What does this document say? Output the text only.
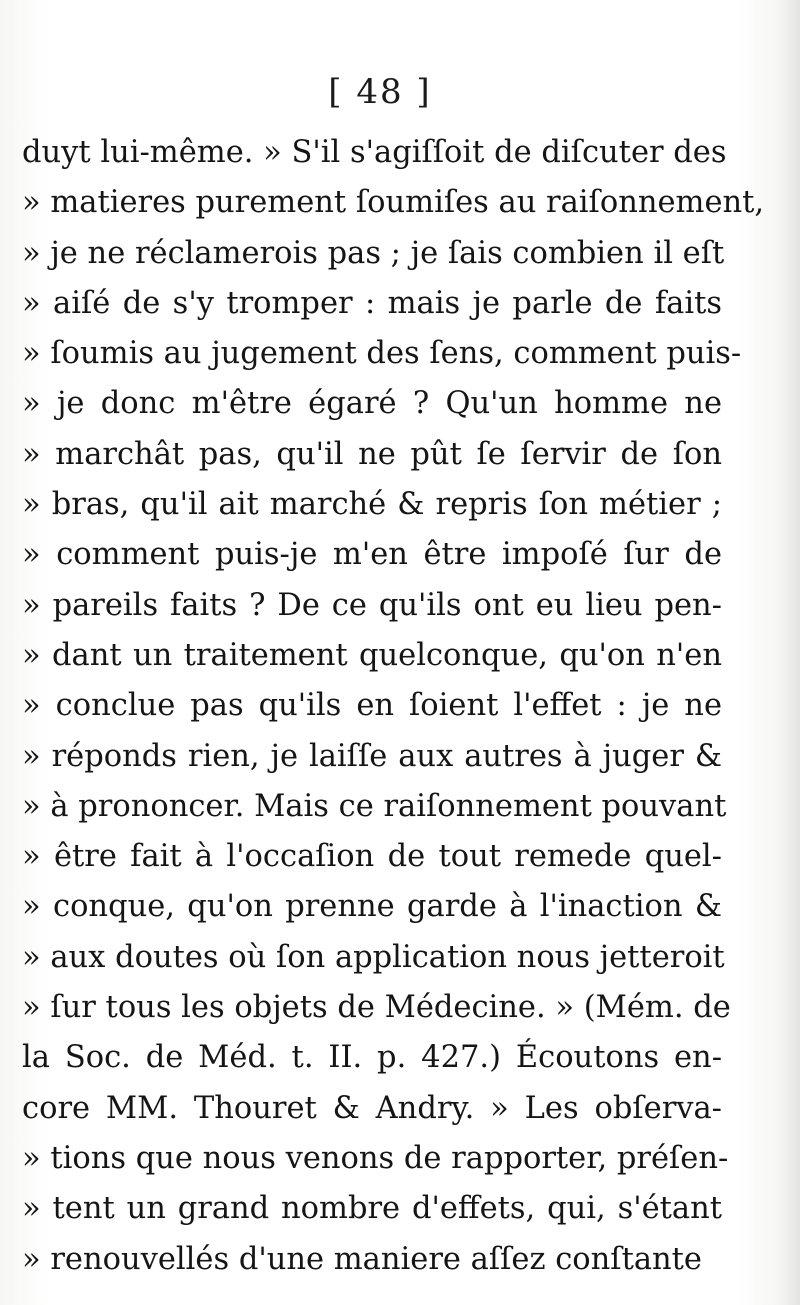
[ 48 ]
duyt lui-même. » S'il s'agiſſoit de diſcuter des
» matieres purement ſoumiſes au raiſonnement,
» je ne réclamerois pas ; je ſais combien il eſt
» aiſé de s'y tromper : mais je parle de faits
» ſoumis au jugement des ſens, comment puis-
» je donc m'être égaré ? Qu'un homme ne
» marchât pas, qu'il ne pût ſe ſervir de ſon
» bras, qu'il ait marché & repris ſon métier ;
» comment puis-je m'en être impoſé ſur de
» pareils faits ? De ce qu'ils ont eu lieu pen-
» dant un traitement quelconque, qu'on n'en
» conclue pas qu'ils en ſoient l'effet : je ne
» réponds rien, je laiſſe aux autres à juger &
» à prononcer. Mais ce raiſonnement pouvant
» être fait à l'occaſion de tout remede quel-
» conque, qu'on prenne garde à l'inaction &
» aux doutes où ſon application nous jetteroit
» ſur tous les objets de Médecine. » (Mém. de
la Soc. de Méd. t. II. p. 427.) Écoutons en-
core MM. Thouret & Andry. » Les obſerva-
» tions que nous venons de rapporter, préſen-
» tent un grand nombre d'effets, qui, s'étant
» renouvellés d'une maniere aſſez conſtante
